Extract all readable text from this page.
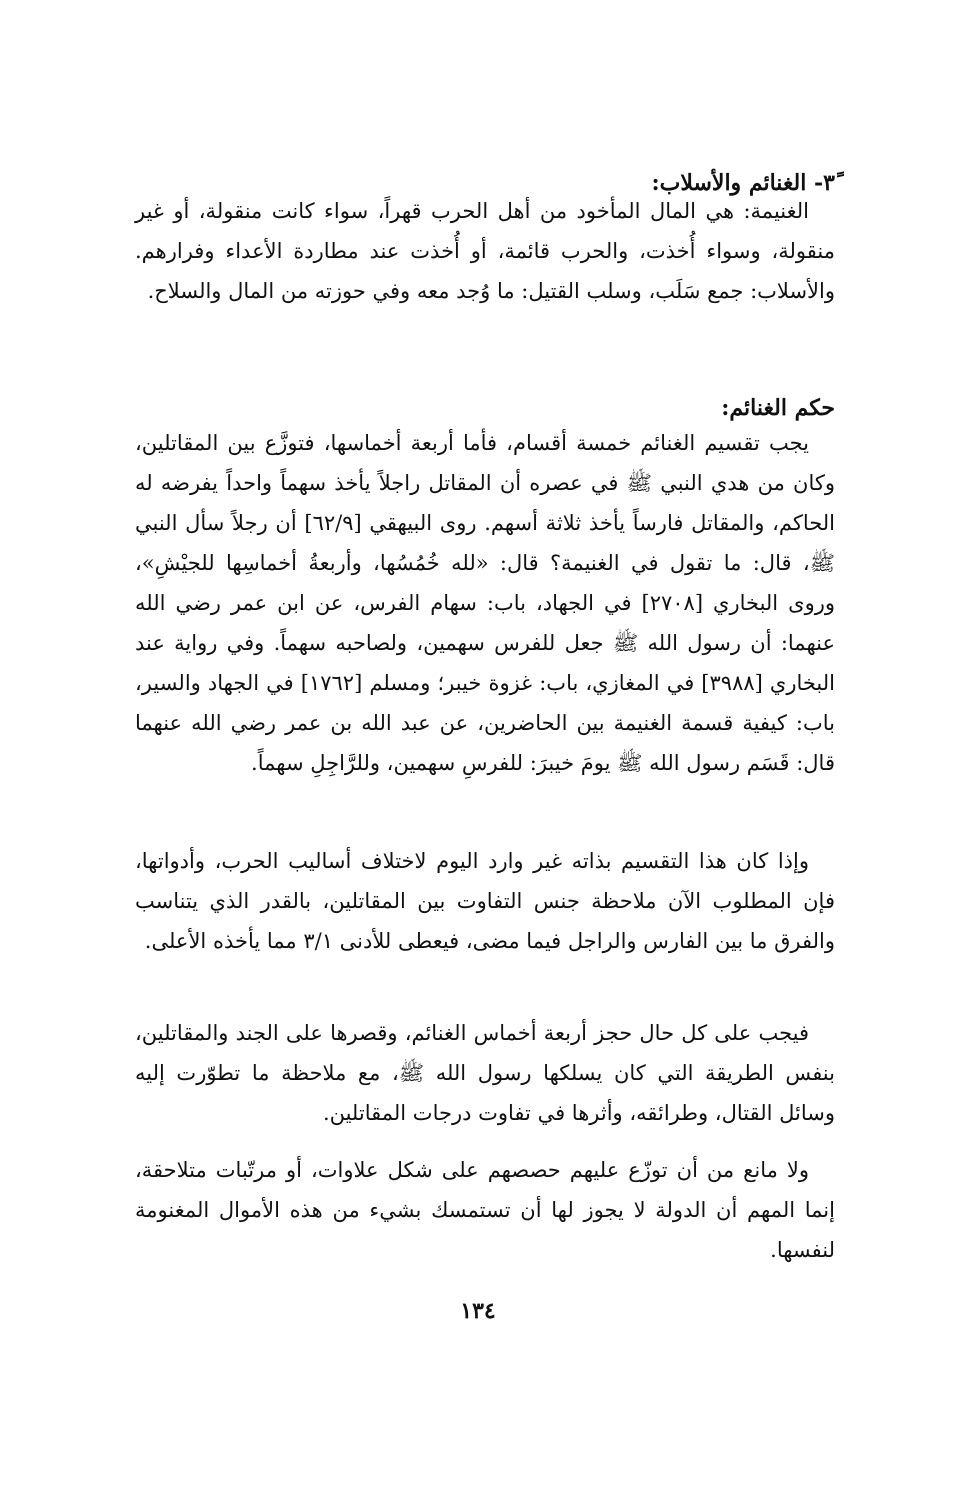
٣ً- الغنائم والأسلاب:

الغنيمة: هي المال المأخود من أهل الحرب قهراً، سواء كانت منقولة، أو غير منقولة، وسواء أُخذت، والحرب قائمة، أو أُخذت عند مطاردة الأعداء وفرارهم. والأسلاب: جمع سَلَب، وسلب القتيل: ما وُجد معه وفي حوزته من المال والسلاح.

حكم الغنائم:

يجب تقسيم الغنائم خمسة أقسام، فأما أربعة أخماسها، فتوزَّع بين المقاتلين، وكان من هدي النبي ﷺ في عصره أن المقاتل راجلاً يأخذ سهماً واحداً يفرضه له الحاكم، والمقاتل فارساً يأخذ ثلاثة أسهم. روى البيهقي [٦٢/٩] أن رجلاً سأل النبي ﷺ، قال: ما تقول في الغنيمة؟ قال: «لله خُمُسُها، وأربعةُ أخماسِها للجيْشِ»، وروى البخاري [٢٧٠٨] في الجهاد، باب: سهام الفرس، عن ابن عمر رضي الله عنهما: أن رسول الله ﷺ جعل للفرس سهمين، ولصاحبه سهماً. وفي رواية عند البخاري [٣٩٨٨] في المغازي، باب: غزوة خيبر؛ ومسلم [١٧٦٢] في الجهاد والسير، باب: كيفية قسمة الغنيمة بين الحاضرين، عن عبد الله بن عمر رضي الله عنهما قال: قَسَم رسول الله ﷺ يومَ خيبرَ: للفرسِ سهمين، وللرَّاجِلِ سهماً.

وإذا كان هذا التقسيم بذاته غير وارد اليوم لاختلاف أساليب الحرب، وأدواتها، فإن المطلوب الآن ملاحظة جنس التفاوت بين المقاتلين، بالقدر الذي يتناسب والفرق ما بين الفارس والراجل فيما مضى، فيعطى للأدنى ٣/١ مما يأخذه الأعلى.

فيجب على كل حال حجز أربعة أخماس الغنائم، وقصرها على الجند والمقاتلين، بنفس الطريقة التي كان يسلكها رسول الله ﷺ، مع ملاحظة ما تطوّرت إليه وسائل القتال، وطرائقه، وأثرها في تفاوت درجات المقاتلين.

ولا مانع من أن توزّع عليهم حصصهم على شكل علاوات، أو مرتّبات متلاحقة، إنما المهم أن الدولة لا يجوز لها أن تستمسك بشيء من هذه الأموال المغنومة لنفسها.

١٣٤
